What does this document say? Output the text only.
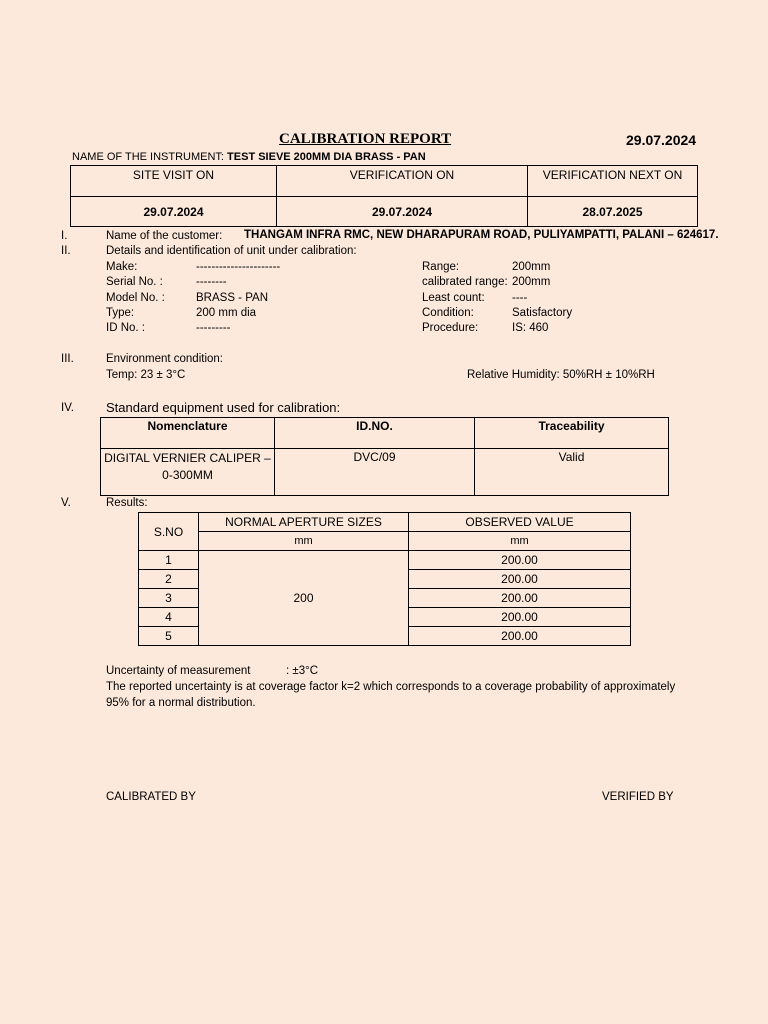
CALIBRATION REPORT	29.07.2024
NAME OF THE INSTRUMENT: TEST SIEVE 200MM DIA BRASS - PAN
SITE VISIT ON	VERIFICATION ON	VERIFICATION NEXT ON
29.07.2024	29.07.2024	28.07.2025
I.	Name of the customer: THANGAM INFRA RMC, NEW DHARAPURAM ROAD, PULIYAMPATTI, PALANI – 624617.
II.	Details and identification of unit under calibration:
Make:	----------------------
Serial No. :	--------
Model No. :	BRASS - PAN
Type:	200 mm dia
ID No. :	---------
Range:	200mm
calibrated range: 200mm
Least count: ----
Condition:	Satisfactory
Procedure:	IS: 460
III.	Environment condition:
Temp: 23 ± 3°C	Relative Humidity: 50%RH ± 10%RH
IV. Standard equipment used for calibration:
Nomenclature	ID.NO.	Traceability
DIGITAL VERNIER CALIPER – 0-300MM	DVC/09	Valid
V.	Results:
S.NO	NORMAL APERTURE SIZES	OBSERVED VALUE
	mm	mm
1	200	200.00
2		200.00
3		200.00
4		200.00
5		200.00
Uncertainty of measurement	: ±3°C
The reported uncertainty is at coverage factor k=2 which corresponds to a coverage probability of approximately
95% for a normal distribution.
CALIBRATED BY	VERIFIED BY
